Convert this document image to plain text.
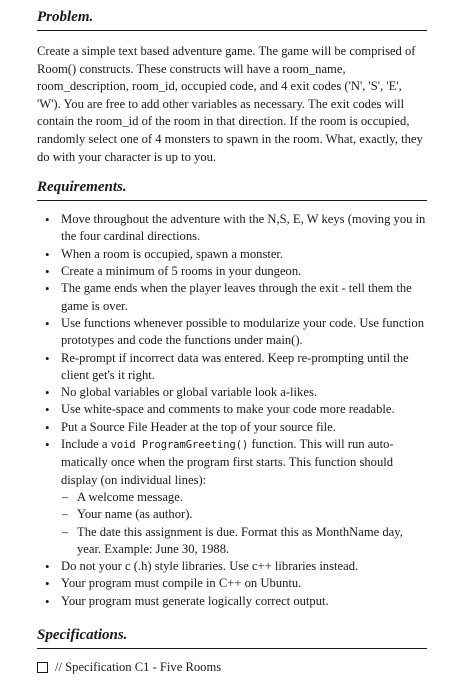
Problem.

Create a simple text based adventure game. The game will be comprised of Room() constructs. These constructs will have a room_name, room_description, room_id, occupied code, and 4 exit codes ('N', 'S', 'E', 'W'). You are free to add other variables as necessary. The exit codes will contain the room_id of the room in that direction. If the room is occupied, randomly select one of 4 monsters to spawn in the room. What, exactly, they do with your character is up to you.

Requirements.
• Move throughout the adventure with the N,S, E, W keys (moving you in the four cardinal directions.
• When a room is occupied, spawn a monster.
• Create a minimum of 5 rooms in your dungeon.
• The game ends when the player leaves through the exit - tell them the game is over.
• Use functions whenever possible to modularize your code. Use function prototypes and code the functions under main().
• Re-prompt if incorrect data was entered. Keep re-prompting until the client get's it right.
• No global variables or global variable look a-likes.
• Use white-space and comments to make your code more readable.
• Put a Source File Header at the top of your source file.
• Include a void ProgramGreeting() function. This will run automatically once when the program first starts. This function should display (on individual lines):
– A welcome message.
– Your name (as author).
– The date this assignment is due. Format this as MonthName day, year. Example: June 30, 1988.
• Do not your c (.h) style libraries. Use c++ libraries instead.
• Your program must compile in C++ on Ubuntu.
• Your program must generate logically correct output.
Specifications.
// Specification C1 - Five Rooms
